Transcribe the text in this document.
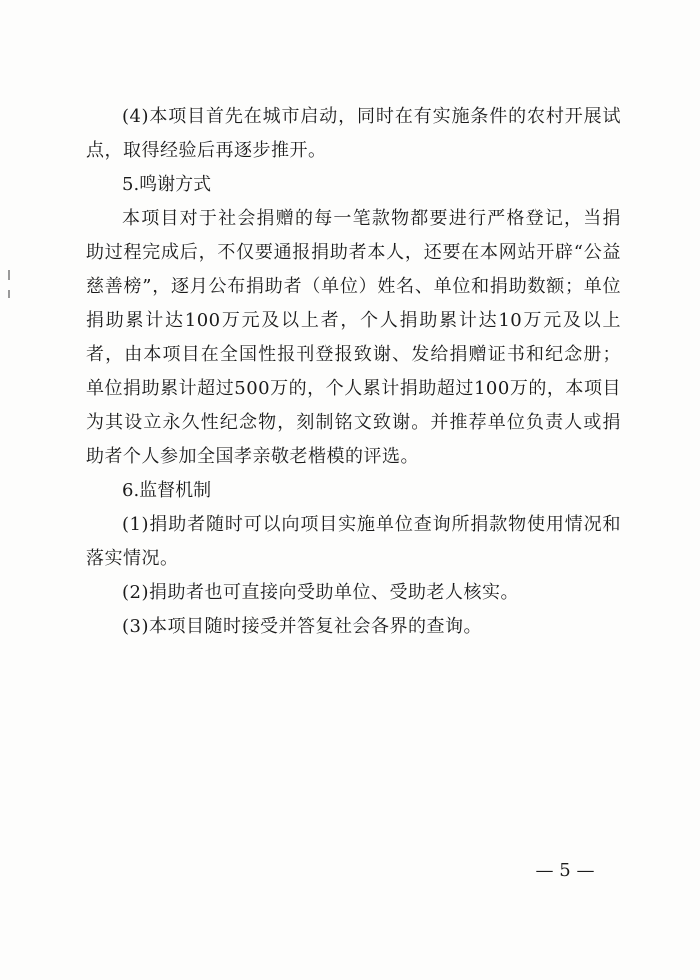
(4)本项目首先在城市启动，同时在有实施条件的农村开展试点，取得经验后再逐步推开。

5.鸣谢方式

本项目对于社会捐赠的每一笔款物都要进行严格登记，当捐助过程完成后，不仅要通报捐助者本人，还要在本网站开辟“公益慈善榜”，逐月公布捐助者（单位）姓名、单位和捐助数额；单位捐助累计达100万元及以上者，个人捐助累计达10万元及以上者，由本项目在全国性报刊登报致谢、发给捐赠证书和纪念册；单位捐助累计超过500万的，个人累计捐助超过100万的，本项目为其设立永久性纪念物，刻制铭文致谢。并推荐单位负责人或捐助者个人参加全国孝亲敬老楷模的评选。

6.监督机制

(1)捐助者随时可以向项目实施单位查询所捐款物使用情况和落实情况。

(2)捐助者也可直接向受助单位、受助老人核实。

(3)本项目随时接受并答复社会各界的查询。

— 5 —
